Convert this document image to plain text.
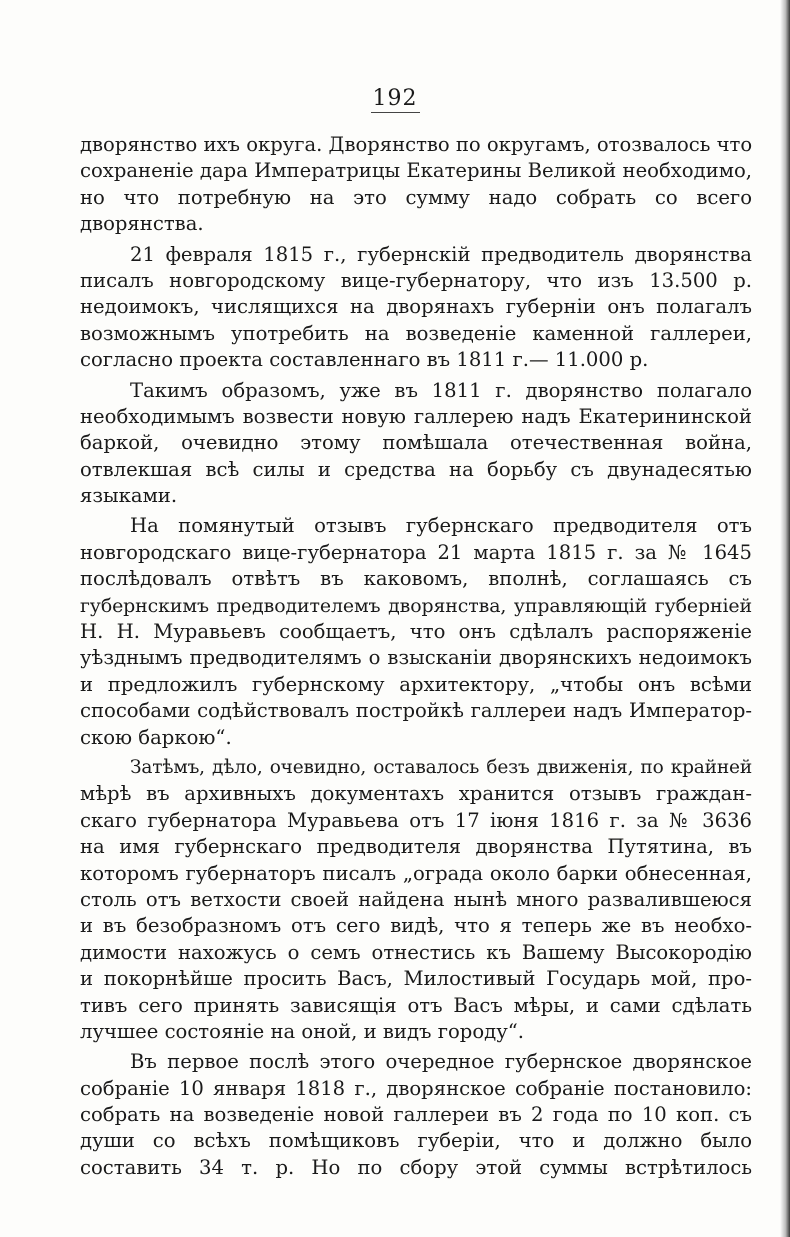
192
дворянство ихъ округа. Дворянство по округамъ, отозвалось что
сохраненіе дара Императрицы Екатерины Великой необходимо,
но что потребную на это сумму надо собрать со всего
дворянства.
21 февраля 1815 г., губернскій предводитель дворянства
писалъ новгородскому вице-губернатору, что изъ 13.500 р.
недоимокъ, числящихся на дворянахъ губерніи онъ полагалъ
возможнымъ употребить на возведеніе каменной галлереи,
согласно проекта составленнаго въ 1811 г.— 11.000 р.
Такимъ образомъ, уже въ 1811 г. дворянство полагало
необходимымъ возвести новую галлерею надъ Екатерининской
баркой, очевидно этому помѣшала отечественная война,
отвлекшая всѣ силы и средства на борьбу съ двунадесятью
языками.
На помянутый отзывъ губернскаго предводителя отъ
новгородскаго вице-губернатора 21 марта 1815 г. за № 1645
послѣдовалъ отвѣтъ въ каковомъ, вполнѣ, соглашаясь съ
губернскимъ предводителемъ дворянства, управляющій губерніей
Н. Н. Муравьевъ сообщаетъ, что онъ сдѣлалъ распоряженіе
уѣзднымъ предводителямъ о взысканіи дворянскихъ недоимокъ
и предложилъ губернскому архитектору, „чтобы онъ всѣми
способами содѣйствовалъ постройкѣ галлереи надъ Император-
скою баркою“.
Затѣмъ, дѣло, очевидно, оставалось безъ движенія, по крайней
мѣрѣ въ архивныхъ документахъ хранится отзывъ граждан-
скаго губернатора Муравьева отъ 17 іюня 1816 г. за № 3636
на имя губернскаго предводителя дворянства Путятина, въ
которомъ губернаторъ писалъ „ограда около барки обнесенная,
столь отъ ветхости своей найдена нынѣ много развалившеюся
и въ безобразномъ отъ сего видѣ, что я теперь же въ необхо-
димости нахожусь о семъ отнестись къ Вашему Высокородію
и покорнѣйше просить Васъ, Милостивый Государь мой, про-
тивъ сего принять зависящія отъ Васъ мѣры, и сами сдѣлать
лучшее состояніе на оной, и видъ городу“.
Въ первое послѣ этого очередное губернское дворянское
собраніе 10 января 1818 г., дворянское собраніе постановило:
собрать на возведеніе новой галлереи въ 2 года по 10 коп. съ
души со всѣхъ помѣщиковъ губеріи, что и должно было
составить 34 т. р. Но по сбору этой суммы встрѣтилось
